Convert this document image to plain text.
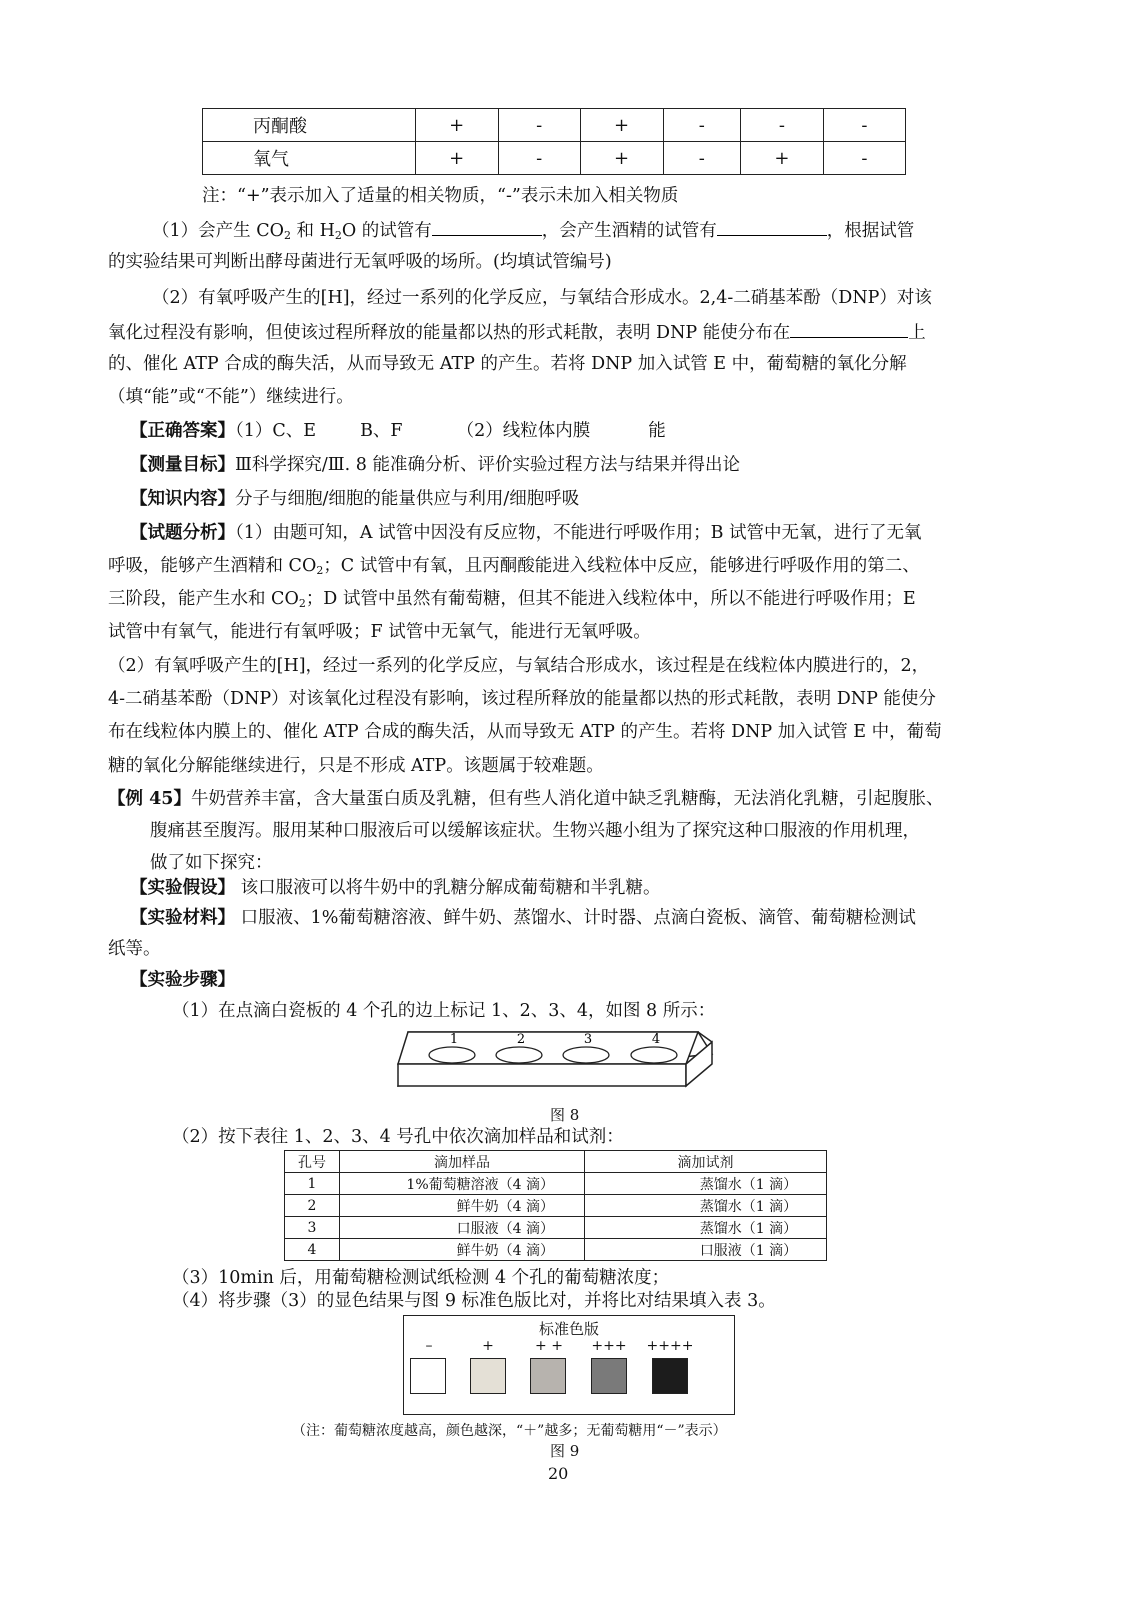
丙酮酸	+	-	+	-	-	-
氧气	+	-	+	-	+	-

注：“+”表示加入了适量的相关物质，“-”表示未加入相关物质

（1）会产生 $CO_2$ 和 $H_2O$ 的试管有	，会产生酒精的试管有	，根据试管

的实验结果可判断出酵母菌进行无氧呼吸的场所。(均填试管编号)

（2）有氧呼吸产生的[H]，经过一系列的化学反应，与氧结合形成水。2,4-二硝基苯酚（DNP）对该

氧化过程没有影响，但使该过程所释放的能量都以热的形式耗散，表明 DNP 能使分布在	上

的、催化 ATP 合成的酶失活，从而导致无 ATP 的产生。若将 DNP 加入试管 E 中，葡萄糖的氧化分解

（填“能”或“不能”）继续进行。

【正确答案】（1）C、E	B、F	（2）线粒体内膜	能

【测量目标】Ⅲ科学探究/Ⅲ. 8 能准确分析、评价实验过程方法与结果并得出论

【知识内容】分子与细胞/细胞的能量供应与利用/细胞呼吸

【试题分析】（1）由题可知，A 试管中因没有反应物，不能进行呼吸作用；B 试管中无氧，进行了无氧

呼吸，能够产生酒精和 $CO_2$；C 试管中有氧，且丙酮酸能进入线粒体中反应，能够进行呼吸作用的第二、

三阶段，能产生水和 $CO_2$；D 试管中虽然有葡萄糖，但其不能进入线粒体中，所以不能进行呼吸作用；E

试管中有氧气，能进行有氧呼吸；F 试管中无氧气，能进行无氧呼吸。

（2）有氧呼吸产生的[H]，经过一系列的化学反应，与氧结合形成水，该过程是在线粒体内膜进行的，2，

4-二硝基苯酚（DNP）对该氧化过程没有影响，该过程所释放的能量都以热的形式耗散，表明 DNP 能使分

布在线粒体内膜上的、催化 ATP 合成的酶失活，从而导致无 ATP 的产生。若将 DNP 加入试管 E 中，葡萄

糖的氧化分解能继续进行，只是不形成 ATP。该题属于较难题。

【例 45】牛奶营养丰富，含大量蛋白质及乳糖，但有些人消化道中缺乏乳糖酶，无法消化乳糖，引起腹胀、

腹痛甚至腹泻。服用某种口服液后可以缓解该症状。生物兴趣小组为了探究这种口服液的作用机理，

做了如下探究：

【实验假设】 该口服液可以将牛奶中的乳糖分解成葡萄糖和半乳糖。

【实验材料】 口服液、1%葡萄糖溶液、鲜牛奶、蒸馏水、计时器、点滴白瓷板、滴管、葡萄糖检测试

纸等。

【实验步骤】

（1）在点滴白瓷板的 4 个孔的边上标记 1、2、3、4，如图 8 所示：

1	2	3	4

图 8

（2）按下表往 1、2、3、4 号孔中依次滴加样品和试剂：

孔号	滴加样品	滴加试剂
1	1%葡萄糖溶液（4 滴）	蒸馏水（1 滴）
2	鲜牛奶（4 滴）	蒸馏水（1 滴）
3	口服液（4 滴）	蒸馏水（1 滴）
4	鲜牛奶（4 滴）	口服液（1 滴）

（3）10min 后，用葡萄糖检测试纸检测 4 个孔的葡萄糖浓度；

（4）将步骤（3）的显色结果与图 9 标准色版比对，并将比对结果填入表 3。

标准色版
–	+	+ +	+++	++++

（注：葡萄糖浓度越高，颜色越深，“＋”越多；无葡萄糖用“－”表示）

图 9

20
